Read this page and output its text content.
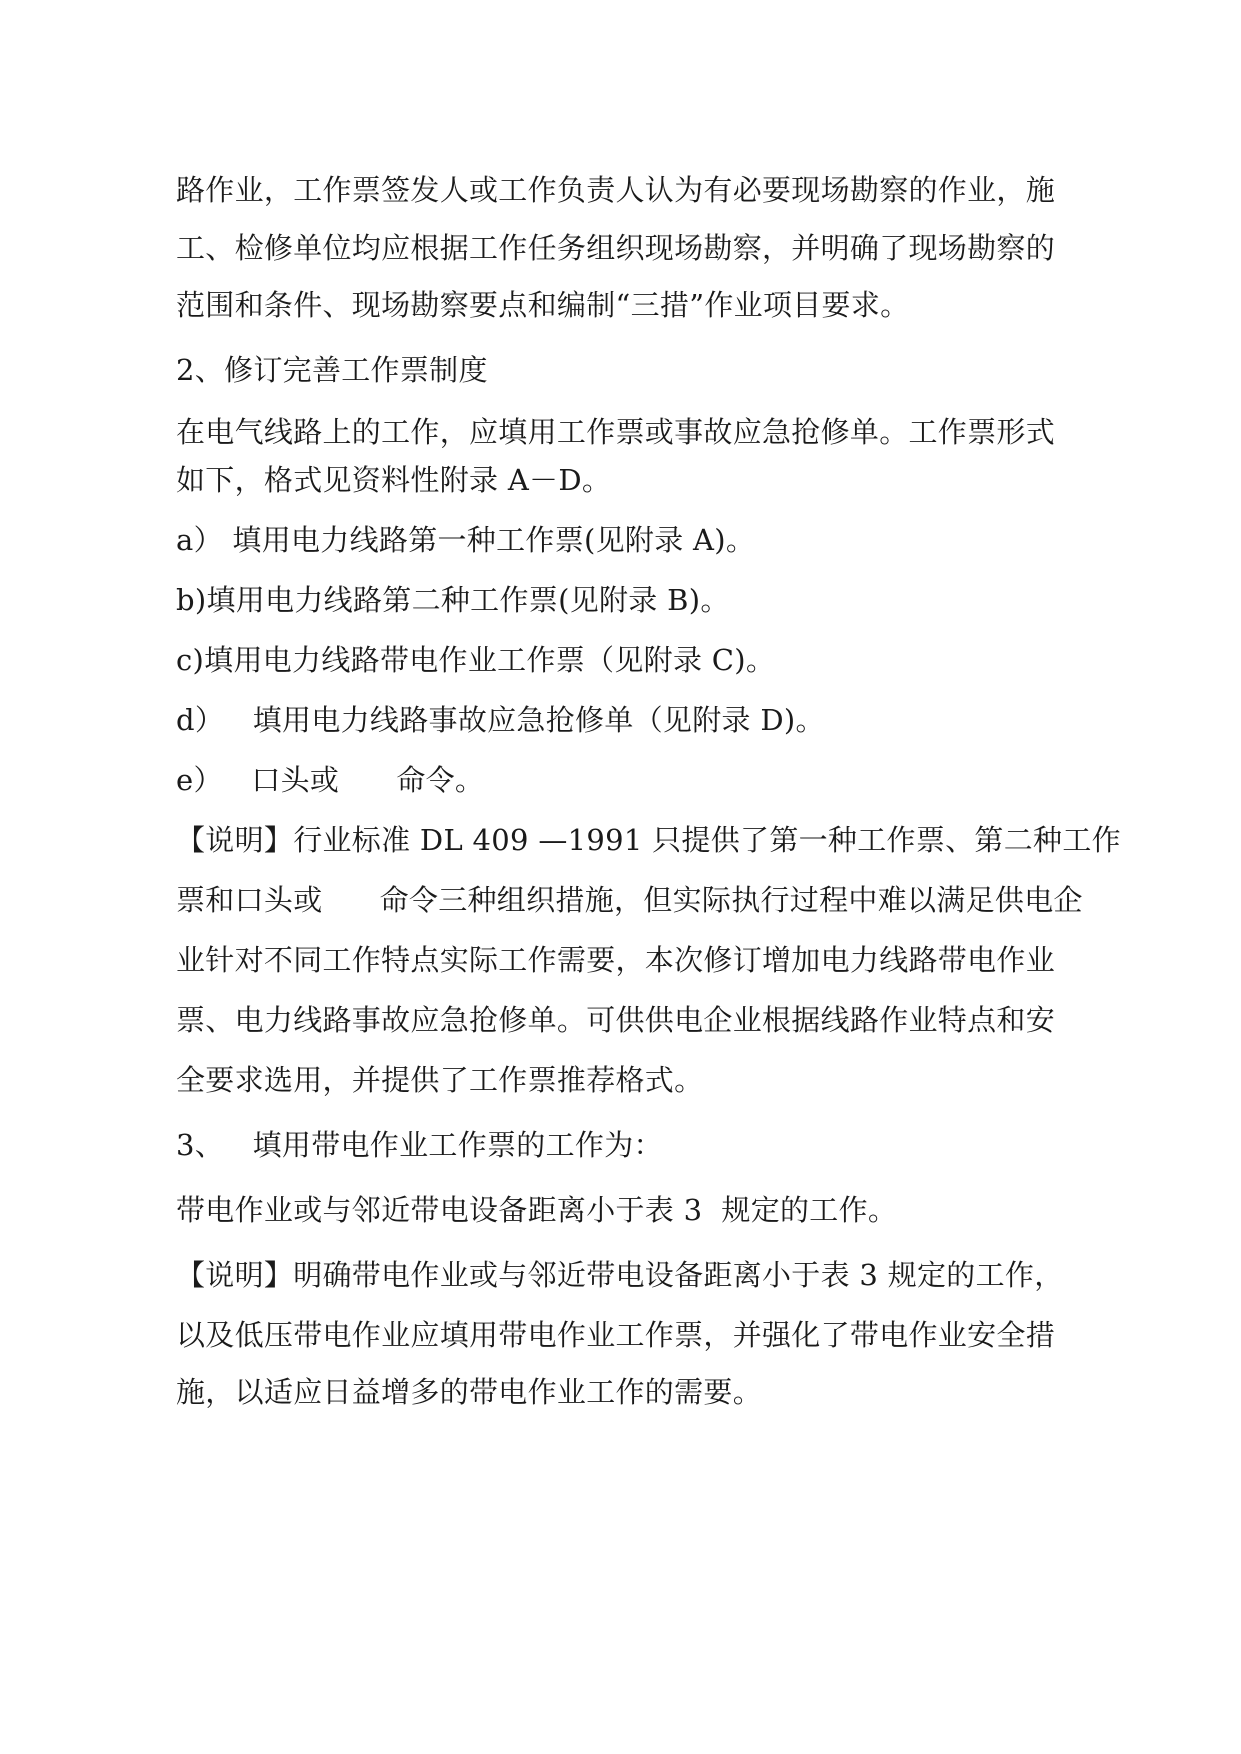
路作业，工作票签发人或工作负责人认为有必要现场勘察的作业，施
工、检修单位均应根据工作任务组织现场勘察，并明确了现场勘察的
范围和条件、现场勘察要点和编制“三措”作业项目要求。
2、修订完善工作票制度
在电气线路上的工作，应填用工作票或事故应急抢修单。工作票形式
如下，格式见资料性附录 A－D。
a） 填用电力线路第一种工作票(见附录 A)。
b)填用电力线路第二种工作票(见附录 B)。
c)填用电力线路带电作业工作票（见附录 C)。
d）   填用电力线路事故应急抢修单（见附录 D)。
e）   口头或      命令。
【说明】行业标准 DL 409 —1991 只提供了第一种工作票、第二种工作
票和口头或      命令三种组织措施，但实际执行过程中难以满足供电企
业针对不同工作特点实际工作需要，本次修订增加电力线路带电作业
票、电力线路事故应急抢修单。可供供电企业根据线路作业特点和安
全要求选用，并提供了工作票推荐格式。
3、   填用带电作业工作票的工作为：
带电作业或与邻近带电设备距离小于表 3  规定的工作。
【说明】明确带电作业或与邻近带电设备距离小于表 3 规定的工作，
以及低压带电作业应填用带电作业工作票，并强化了带电作业安全措
施，以适应日益增多的带电作业工作的需要。
